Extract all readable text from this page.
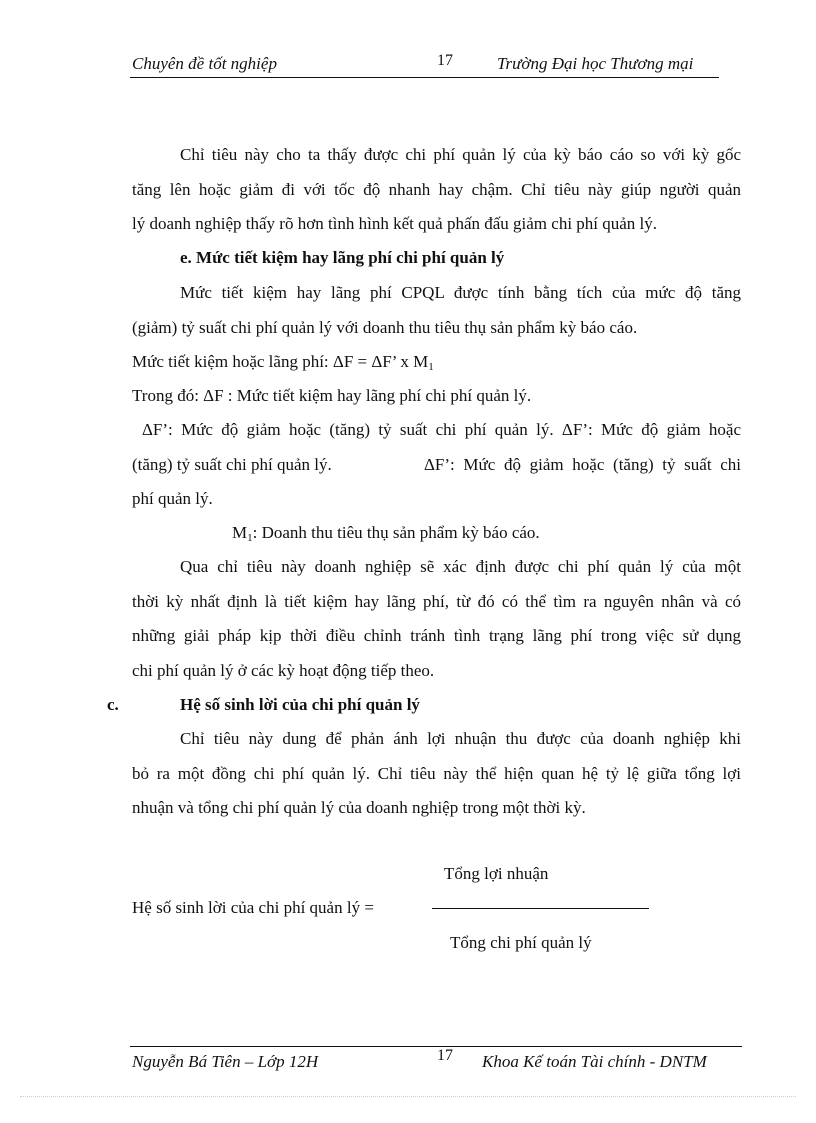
Chuyên đề tốt nghiệp	17	Trường Đại học Thương mại
Chỉ tiêu này cho ta thấy được chi phí quản lý của kỳ báo cáo so với kỳ gốc
tăng lên hoặc giảm đi với tốc độ nhanh hay chậm. Chỉ tiêu này giúp người quản
lý doanh nghiệp thấy rõ hơn tình hình kết quả phấn đấu giảm chi phí quản lý.
e. Mức tiết kiệm hay lãng phí chi phí quản lý
Mức tiết kiệm hay lãng phí CPQL được tính bằng tích của mức độ tăng
(giảm) tỷ suất chi phí quản lý với doanh thu tiêu thụ sản phẩm kỳ báo cáo.
Mức tiết kiệm hoặc lãng phí: ΔF = ΔF’ x $M_1$
Trong đó: ΔF : Mức tiết kiệm hay lãng phí chi phí quản lý.
ΔF’: Mức độ giảm hoặc (tăng) tỷ suất chi phí quản lý. ΔF’: Mức độ giảm hoặc
(tăng) tỷ suất chi phí quản lý.	ΔF’: Mức độ giảm hoặc (tăng) tỷ suất chi
phí quản lý.
$M_1$: Doanh thu tiêu thụ sản phẩm kỳ báo cáo.
Qua chỉ tiêu này doanh nghiệp sẽ xác định được chi phí quản lý của một
thời kỳ nhất định là tiết kiệm hay lãng phí, từ đó có thể tìm ra nguyên nhân và có
những giải pháp kịp thời điều chỉnh tránh tình trạng lãng phí trong việc sử dụng
chi phí quản lý ở các kỳ hoạt động tiếp theo.
c.	Hệ số sinh lời của chi phí quản lý
Chỉ tiêu này dung để phản ánh lợi nhuận thu được của doanh nghiệp khi
bỏ ra một đồng chi phí quản lý. Chỉ tiêu này thể hiện quan hệ tỷ lệ giữa tổng lợi
nhuận và tổng chi phí quản lý của doanh nghiệp trong một thời kỳ.
Tổng lợi nhuận
Hệ số sinh lời của chi phí quản lý =
Tổng chi phí quản lý
Nguyễn Bá Tiên – Lớp 12H	17 Khoa Kế toán Tài chính - DNTM
